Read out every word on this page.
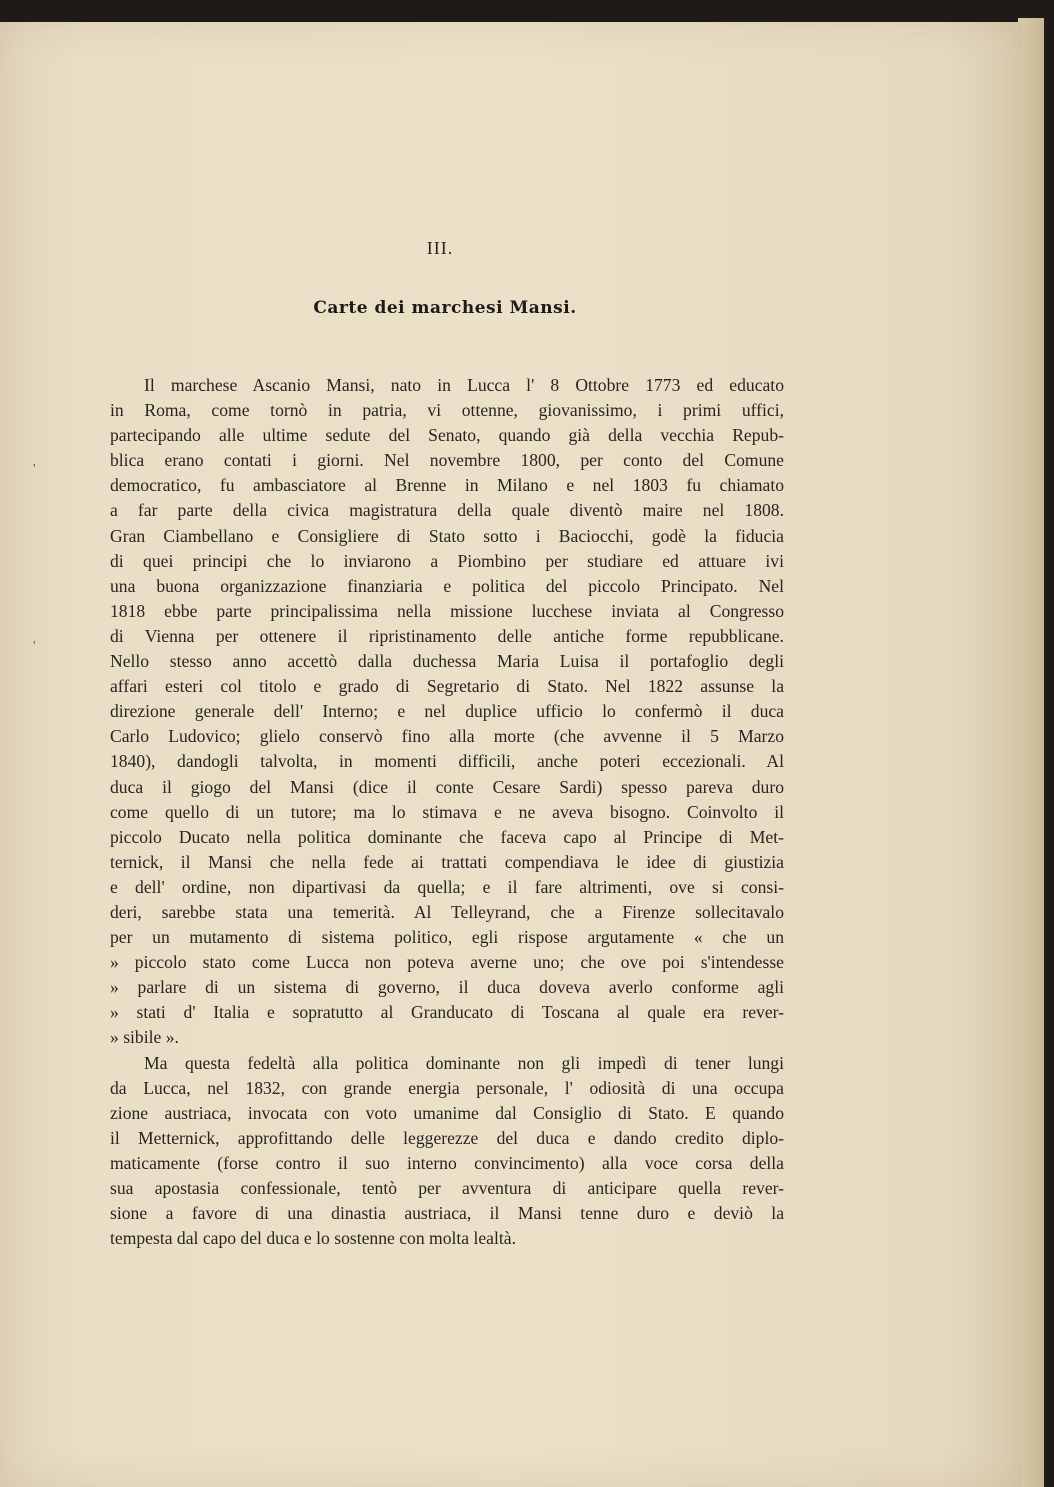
'
'
III.
Carte dei marchesi Mansi.

Il marchese Ascanio Mansi, nato in Lucca l' 8 Ottobre 1773 ed educato
in Roma, come tornò in patria, vi ottenne, giovanissimo, i primi uffici,
partecipando alle ultime sedute del Senato, quando già della vecchia Repub-
blica erano contati i giorni. Nel novembre 1800, per conto del Comune
democratico, fu ambasciatore al Brenne in Milano e nel 1803 fu chiamato
a far parte della civica magistratura della quale diventò maire nel 1808.
Gran Ciambellano e Consigliere di Stato sotto i Baciocchi, godè la fiducia
di quei principi che lo inviarono a Piombino per studiare ed attuare ivi
una buona organizzazione finanziaria e politica del piccolo Principato. Nel
1818 ebbe parte principalissima nella missione lucchese inviata al Congresso
di Vienna per ottenere il ripristinamento delle antiche forme repubblicane.
Nello stesso anno accettò dalla duchessa Maria Luisa il portafoglio degli
affari esteri col titolo e grado di Segretario di Stato. Nel 1822 assunse la
direzione generale dell' Interno; e nel duplice ufficio lo confermò il duca
Carlo Ludovico; glielo conservò fino alla morte (che avvenne il 5 Marzo
1840), dandogli talvolta, in momenti difficili, anche poteri eccezionali. Al
duca il giogo del Mansi (dice il conte Cesare Sardi) spesso pareva duro
come quello di un tutore; ma lo stimava e ne aveva bisogno. Coinvolto il
piccolo Ducato nella politica dominante che faceva capo al Principe di Met-
ternick, il Mansi che nella fede ai trattati compendiava le idee di giustizia
e dell' ordine, non dipartivasi da quella; e il fare altrimenti, ove si consi-
deri, sarebbe stata una temerità. Al Telleyrand, che a Firenze sollecitavalo
per un mutamento di sistema politico, egli rispose argutamente « che un
» piccolo stato come Lucca non poteva averne uno; che ove poi s'intendesse
» parlare di un sistema di governo, il duca doveva averlo conforme agli
» stati d' Italia e sopratutto al Granducato di Toscana al quale era rever-
» sibile ».

Ma questa fedeltà alla politica dominante non gli impedì di tener lungi
da Lucca, nel 1832, con grande energia personale, l' odiosità di una occupa
zione austriaca, invocata con voto umanime dal Consiglio di Stato. E quando
il Metternick, approfittando delle leggerezze del duca e dando credito diplo-
maticamente (forse contro il suo interno convincimento) alla voce corsa della
sua apostasia confessionale, tentò per avventura di anticipare quella rever-
sione a favore di una dinastia austriaca, il Mansi tenne duro e deviò la
tempesta dal capo del duca e lo sostenne con molta lealtà.
